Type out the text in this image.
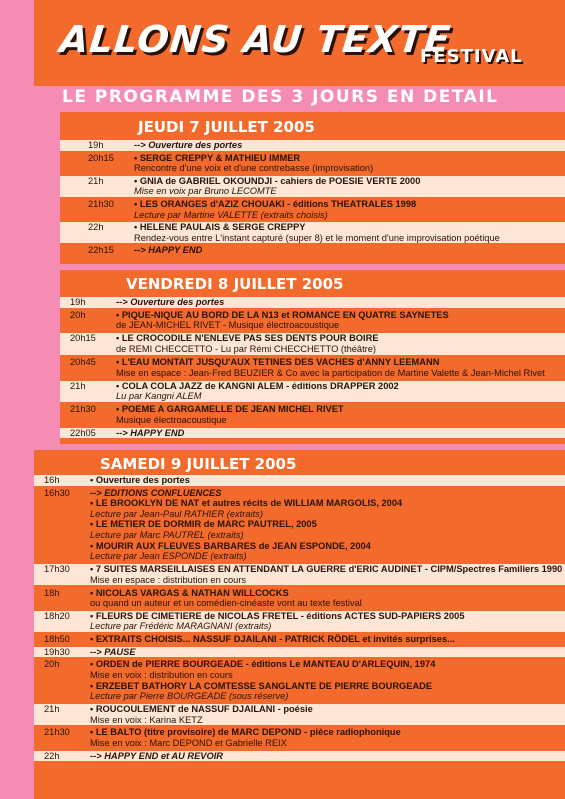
ALLONS AU TEXTE
FESTIVAL
LE PROGRAMME DES 3 JOURS EN DETAIL
JEUDI 7 JUILLET 2005
19h	--> Ouverture des portes
20h15	• SERGE CREPPY & MATHIEU IMMER
Rencontre d'une voix et d'une contrebasse (improvisation)
21h	• GNIA de GABRIEL OKOUNDJI - cahiers de POESIE VERTE 2000
Mise en voix par Bruno LECOMTE
21h30	• LES ORANGES d'AZIZ CHOUAKI - éditions THEATRALES 1998
Lecture par Martine VALETTE (extraits choisis)
22h	• HELENE PAULAIS & SERGE CREPPY
Rendez-vous entre L'instant capturé (super 8) et le moment d'une improvisation poétique
22h15	--> HAPPY END
VENDREDI 8 JUILLET 2005
19h	--> Ouverture des portes
20h	• PIQUE-NIQUE AU BORD DE LA N13 et ROMANCE EN QUATRE SAYNETES
de JEAN-MICHEL RIVET - Musique électroacoustique
20h15	• LE CROCODILE N'ENLEVE PAS SES DENTS POUR BOIRE
de REMI CHECCETTO - Lu par Rémi CHECCHETTO (théâtre)
20h45	• L'EAU MONTAIT JUSQU'AUX TETINES DES VACHES d'ANNY LEEMANN
Mise en espace : Jean-Fred BEUZIER & Co avec la participation de Martine Valette & Jean-Michel Rivet
21h	• COLA COLA JAZZ de KANGNI ALEM - éditions DRAPPER 2002
Lu par Kangni ALEM
21h30	• POEME A GARGAMELLE DE JEAN MICHEL RIVET
Musique électroacoustique
22h05	--> HAPPY END
SAMEDI 9 JUILLET 2005
16h	• Ouverture des portes
16h30	--> EDITIONS CONFLUENCES
• LE BROOKLYN DE NAT et autres récits de WILLIAM MARGOLIS, 2004
Lecture par Jean-Paul RATHIER (extraits)
• LE METIER DE DORMIR de MARC PAUTREL, 2005
Lecture par Marc PAUTREL (extraits)
• MOURIR AUX FLEUVES BARBARES de JEAN ESPONDE, 2004
Lecture par Jean ESPONDE (extraits)
17h30	• 7 SUITES MARSEILLAISES EN ATTENDANT LA GUERRE d'ERIC AUDINET - CIPM/Spectres Familiers 1990
Mise en espace : distribution en cours
18h	• NICOLAS VARGAS & NATHAN WILLCOCKS
ou quand un auteur et un comédien-cinéaste vont au texte festival
18h20	• FLEURS DE CIMETIERE de NICOLAS FRETEL - éditions ACTES SUD-PAPIERS 2005
Lecture par Frédéric MARAGNANI (extraits)
18h50	• EXTRAITS CHOISIS... NASSUF DJAILANI - PATRICK RÖDEL et invités surprises...
19h30	--> PAUSE
20h	• ORDEN de PIERRE BOURGEADE - éditions Le MANTEAU D'ARLEQUIN, 1974
Mise en voix : distribution en cours
• ERZEBET BATHORY LA COMTESSE SANGLANTE DE PIERRE BOURGEADE
Lecture par Pierre BOURGEADE (sous réserve)
21h	• ROUCOULEMENT de NASSUF DJAILANI - poésie
Mise en voix : Karina KETZ
21h30	• LE BALTO (titre provisoire) de MARC DEPOND - pièce radiophonique
Mise en voix : Marc DEPOND et Gabrielle REIX
22h	--> HAPPY END et AU REVOIR
